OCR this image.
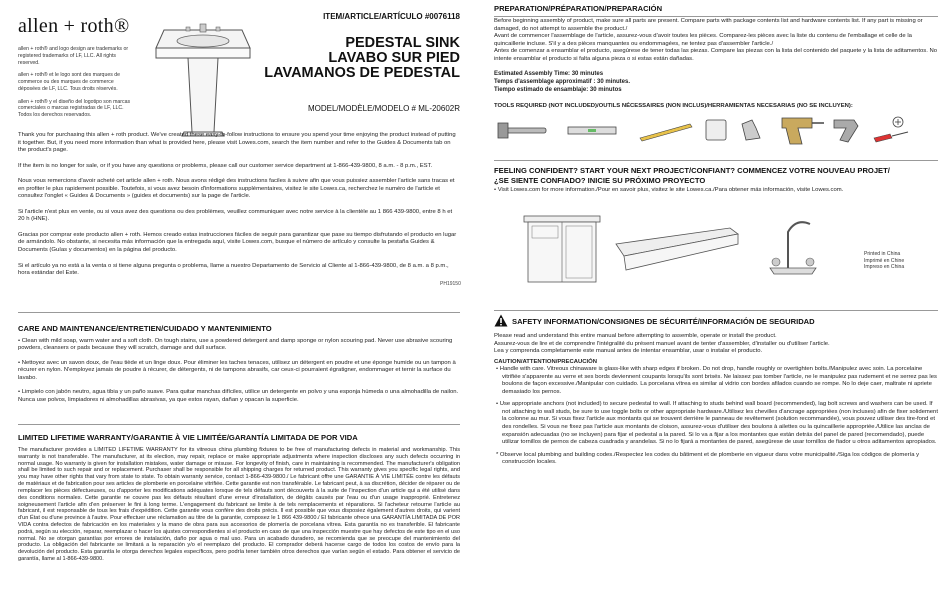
allen + roth®

allen + roth® and logo design are trademarks or registered trademarks of LF, LLC. All rights reserved.

allen + roth® et le logo sont des marques de commerce ou des marques de commerce déposées de LF, LLC. Tous droits réservés.

allen + roth® y el diseño del logotipo son marcas comerciales o marcas registradas de LF, LLC. Todos los derechos reservados.

ITEM/ARTICLE/ARTÍCULO #0076118
PEDESTAL SINK
LAVABO SUR PIED
LAVAMANOS DE PEDESTAL
MODEL/MODÈLE/MODELO # ML-20602R

Thank you for purchasing this allen + roth product. We've created these easy-to-follow instructions to ensure you spend your time enjoying the product instead of putting it together. But, if you need more information than what is provided here, please visit Lowes.com, search the item number and refer to the Guides & Documents tab on the product's page.

If the item is no longer for sale, or if you have any questions or problems, please call our customer service department at 1-866-439-9800, 8 a.m. - 8 p.m., EST.

Nous vous remercions d'avoir acheté cet article allen + roth. Nous avons rédigé des instructions faciles à suivre afin que vous puissiez assembler l'article sans tracas et en profiter le plus rapidement possible. Toutefois, si vous avez besoin d'informations supplémentaires, visitez le site Lowes.ca, recherchez le numéro de l'article et consultez l'onglet « Guides & Documents » (guides et documents) sur la page de l'article.

Si l'article n'est plus en vente, ou si vous avez des questions ou des problèmes, veuillez communiquer avec notre service à la clientèle au 1 866 439-9800, entre 8 h et 20 h (HNE).

Gracias por comprar este producto allen + roth. Hemos creado estas instrucciones fáciles de seguir para garantizar que pase su tiempo disfrutando el producto en lugar de armándolo. No obstante, si necesita más información que la entregada aquí, visite Lowes.com, busque el número de artículo y consulte la pestaña Guides & Documents (Guías y documentos) en la página del producto.

Si el artículo ya no está a la venta o si tiene alguna pregunta o problema, llame a nuestro Departamento de Servicio al Cliente al 1-866-439-9800, de 8 a.m. a 8 p.m., hora estándar del Este.

PH19150
CARE AND MAINTENANCE/ENTRETIEN/CUIDADO Y MANTENIMIENTO

• Clean with mild soap, warm water and a soft cloth. On tough stains, use a powdered detergent and damp sponge or nylon scouring pad. Never use abrasive scouring powders, cleansers or pads because they will scratch, damage and dull surface.

• Nettoyez avec un savon doux, de l'eau tiède et un linge doux. Pour éliminer les taches tenaces, utilisez un détergent en poudre et une éponge humide ou un tampon à récurer en nylon. N'employez jamais de poudre à récurer, de détergents, ni de tampons abrasifs, car ceux-ci pourraient égratigner, endommager et ternir la surface du lavabo.

• Limpielo con jabón neutro, agua tibia y un paño suave. Para quitar manchas difíciles, utilice un detergente en polvo y una esponja húmeda o una almohadilla de nailon. Nunca use polvos, limpiadores ni almohadillas abrasivas, ya que estos rayan, dañan y opacan la superficie.

LIMITED LIFETIME WARRANTY/GARANTIE À VIE LIMITÉE/GARANTÍA LIMITADA DE POR VIDA
The manufacturer provides a LIMITED LIFETIME WARRANTY for its vitreous china plumbing fixtures to be free of manufacturing defects in material and workmanship. This warranty is not transferable. The manufacturer, at its election, may repair, replace or make appropriate adjustments where inspection discloses any such defects occurring in normal usage. No warranty is given for installation mistakes, water damage or misuse. For longevity of finish, care in maintaining is recommended. The manufacturer's obligation shall be limited to such repair and or replacement. Purchaser shall be responsible for all shipping charges for returned product. This warranty gives you specific legal rights, and you may have other rights that vary from state to state. To obtain warranty service, contact 1-866-439-9800./ Le fabricant offre une GARANTIE À VIE LIMITÉE contre les défauts de matériaux et de fabrication pour ses articles de plomberie en porcelaine vitrifiée. Cette garantie est non transférable. Le fabricant peut, à sa discrétion, décider de réparer ou de remplacer les pièces défectueuses, ou d'apporter les modifications adéquates lorsque de tels défauts sont découverts à la suite de l'inspection d'un article qui a été utilisé dans des conditions normales. Cette garantie ne couvre pas les défauts résultant d'une erreur d'installation, de dégâts causés par l'eau ou d'un usage inapproprié. Entretenez soigneusement l'article afin d'en préserver le fini à long terme. L'engagement du fabricant se limite à de tels remplacements et réparations. Si l'acheteur retourne l'article au fabricant, il est responsable de tous les frais d'expédition. Cette garantie vous confère des droits précis. Il est possible que vous disposiez également d'autres droits, qui varient d'un État ou d'une province à l'autre. Pour effectuer une réclamation au titre de la garantie, composez le 1 866 439-9800./ El fabricante ofrece una GARANTÍA LIMITADA DE POR VIDA contra defectos de fabricación en los materiales y la mano de obra para sus accesorios de plomería de porcelana vítrea. Esta garantía no es transferible. El fabricante podrá, según su elección, reparar, reemplazar o hacer los ajustes correspondientes si el producto en caso de que una inspección muestre que hay defectos de este tipo en el uso normal. No se otorgan garantías por errores de instalación, daño por agua o mal uso. Para un acabado duradero, se recomienda que se preocupe del mantenimiento del producto. La obligación del fabricante se limitará a la reparación y/o el reemplazo del producto. El comprador deberá hacerse cargo de todos los costos de envío para la devolución del producto. Esta garantía le otorga derechos legales específicos, pero podría tener también otros derechos que varían según el estado. Para obtener el servicio de garantía, llame al 1-866-439-9800.
PREPARATION/PRÉPARATION/PREPARACIÓN

Before beginning assembly of product, make sure all parts are present. Compare parts with package contents list and hardware contents list. If any part is missing or damaged, do not attempt to assemble the product./

Avant de commencer l'assemblage de l'article, assurez-vous d'avoir toutes les pièces. Comparez-les pièces avec la liste du contenu de l'emballage et celle de la quincaillerie incluse. S'il y a des pièces manquantes ou endommagées, ne tentez pas d'assembler l'article./

Antes de comenzar a ensamblar el producto, asegúrese de tener todas las piezas. Compare las piezas con la lista del contenido del paquete y la lista de aditamentos. No intente ensamblar el producto si falta alguna pieza o si estas están dañadas.

Estimated Assembly Time: 30 minutes
Temps d'assemblage approximatif : 30 minutes.
Tiempo estimado de ensamblaje: 30 minutos
TOOLS REQUIRED (NOT INCLUDED)/OUTILS NÉCESSAIRES (NON INCLUS)/HERRAMIENTAS NECESARIAS (NO SE INCLUYEN):
FEELING CONFIDENT? START YOUR NEXT PROJECT/CONFIANT? COMMENCEZ VOTRE NOUVEAU PROJET/
¿SE SIENTE CONFIADO? INICIE SU PRÓXIMO PROYECTO

• Visit Lowes.com for more information./Pour en savoir plus, visitez le site Lowes.ca./Para obtener más información, visite Lowes.com.

Printed in China
Imprimé en Chine
Impreso en China
SAFETY INFORMATION/CONSIGNES DE SÉCURITÉ/INFORMACIÓN DE SEGURIDAD

Please read and understand this entire manual before attempting to assemble, operate or install the product.

Assurez-vous de lire et de comprendre l'intégralité du présent manuel avant de tenter d'assembler, d'installer ou d'utiliser l'article.

Lea y comprenda completamente este manual antes de intentar ensamblar, usar o instalar el producto.

CAUTION/ATTENTION/PRECAUCIÓN

• Handle with care. Vitreous chinaware is glass-like with sharp edges if broken. Do not drop, handle roughly or overtighten bolts./Manipulez avec soin. La porcelaine vitrifiée s'apparente au verre et ses bords deviennent coupants lorsqu'ils sont brisés. Ne laissez pas tomber l'article, ne le manipulez pas rudement et ne serrez pas les boulons de façon excessive./Manipular con cuidado. La porcelana vítrea es similar al vidrio con bordes afilados cuando se rompe. No lo deje caer, maltrate ni apriete demasiado los pernos.

• Use appropriate anchors (not included) to secure pedestal to wall. If attaching to studs behind wall board (recommended), lag bolt screws and washers can be used. If not attaching to wall studs, be sure to use toggle bolts or other appropriate hardware./Utilisez les chevilles d'ancrage appropriées (non incluses) afin de fixer solidement la colonne au mur. Si vous fixez l'article aux montants qui se trouvent derrière le panneau de revêtement (solution recommandée), vous pouvez utiliser des tire-fond et des rondelles. Si vous ne fixez pas l'article aux montants de cloison, assurez-vous d'utiliser des boulons à ailettes ou la quincaillerie appropriée./Utilice las anclas de expansión adecuadas (no se incluyen) para fijar el pedestal a la pared. Si lo va a fijar a los montantes que están detrás del panel de pared (recomendado), puede utilizar tornillos de pernos de cabeza cuadrada y arandelas. Si no lo fijará a montantes de pared, asegúrese de usar tornillos de fiador u otros aditamentos apropiados.

* Observe local plumbing and building codes./Respectez les codes du bâtiment et de plomberie en vigueur dans votre municipalité./Siga los códigos de plomería y construcción locales.
